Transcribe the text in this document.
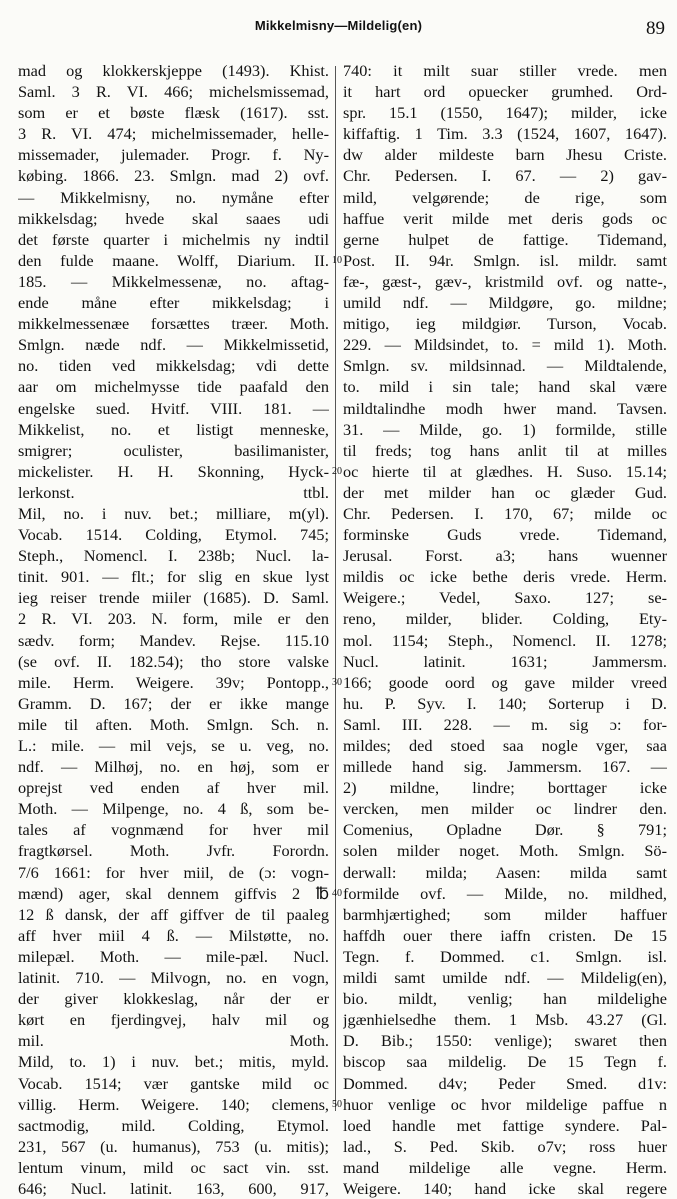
Mikkelmisny—Mildelig(en)	89
mad og klokkerskjeppe (1493). Khist.
Saml. 3 R. VI. 466; michelsmissemad,
som er et bøste flæsk (1617). sst.
3 R. VI. 474; michelmissemader, helle-
missemader, julemader. Progr. f. Ny-
købing. 1866. 23. Smlgn. mad 2) ovf.
— Mikkelmisny, no. nymåne efter
mikkelsdag; hvede skal saaes udi
det første quarter i michelmis ny indtil
den fulde maane. Wolff, Diarium. II.
185. — Mikkelmessenæ, no. aftag-
ende måne efter mikkelsdag; i
mikkelmessenæe forsættes træer. Moth.
Smlgn. næde ndf. — Mikkelmissetid,
no. tiden ved mikkelsdag; vdi dette
aar om michelmysse tide paafald den
engelske sued. Hvitf. VIII. 181. —
Mikkelist, no. et listigt menneske,
smigrer; oculister, basilimanister,
mickelister. H. H. Skonning, Hyck-
lerkonst. ttbl.
Mil, no. i nuv. bet.; milliare, m(yl).
Vocab. 1514. Colding, Etymol. 745;
Steph., Nomencl. I. 238b; Nucl. la-
tinit. 901. — flt.; for slig en skue lyst
ieg reiser trende miiler (1685). D. Saml.
2 R. VI. 203. N. form, mile er den
sædv. form; Mandev. Rejse. 115.10
(se ovf. II. 182.54); tho store valske
mile. Herm. Weigere. 39v; Pontopp.,
Gramm. D. 167; der er ikke mange
mile til aften. Moth. Smlgn. Sch. n.
L.: mile. — mil vejs, se u. veg, no.
ndf. — Milhøj, no. en høj, som er
oprejst ved enden af hver mil.
Moth. — Milpenge, no. 4 ß, som be-
tales af vognmænd for hver mil
fragtkørsel. Moth. Jvfr. Forordn.
7/6 1661: for hver miil, de (ɔ: vogn-
mænd) ager, skal dennem giffvis 2 ℔
12 ß dansk, der aff giffver de til paaleg
aff hver miil 4 ß. — Milstøtte, no.
milepæl. Moth. — mile-pæl. Nucl.
latinit. 710. — Milvogn, no. en vogn,
der giver klokkeslag, når der er
kørt en fjerdingvej, halv mil og
mil. Moth.
Mild, to. 1) i nuv. bet.; mitis, myld.
Vocab. 1514; vær gantske mild oc
villig. Herm. Weigere. 140; clemens,
sactmodig, mild. Colding, Etymol.
231, 567 (u. humanus), 753 (u. mitis);
lentum vinum, mild oc sact vin. sst.
646; Nucl. latinit. 163, 600, 917,
10
20
30
40
50
740: it milt suar stiller vrede. men
it hart ord opuecker grumhed. Ord-
spr. 15.1 (1550, 1647); milder, icke
kiffaftig. 1 Tim. 3.3 (1524, 1607, 1647).
dw alder mildeste barn Jhesu Criste.
Chr. Pedersen. I. 67. — 2) gav-
mild, velgørende; de rige, som
haffue verit milde met deris gods oc
gerne hulpet de fattige. Tidemand,
Post. II. 94r. Smlgn. isl. mildr. samt
fæ-, gæst-, gæv-, kristmild ovf. og natte-,
umild ndf. — Mildgøre, go. mildne;
mitigo, ieg mildgiør. Turson, Vocab.
229. — Mildsindet, to. = mild 1). Moth.
Smlgn. sv. mildsinnad. — Mildtalende,
to. mild i sin tale; hand skal være
mildtalindhe modh hwer mand. Tavsen.
31. — Milde, go. 1) formilde, stille
til freds; tog hans anlit til at milles
oc hierte til at glædhes. H. Suso. 15.14;
der met milder han oc glæder Gud.
Chr. Pedersen. I. 170, 67; milde oc
forminske Guds vrede. Tidemand,
Jerusal. Forst. a3; hans wuenner
mildis oc icke bethe deris vrede. Herm.
Weigere.; Vedel, Saxo. 127; se-
reno, milder, blider. Colding, Ety-
mol. 1154; Steph., Nomencl. II. 1278;
Nucl. latinit. 1631; Jammersm.
166; goode oord og gave milder vreed
hu. P. Syv. I. 140; Sorterup i D.
Saml. III. 228. — m. sig ɔ: for-
mildes; ded stoed saa nogle vger, saa
millede hand sig. Jammersm. 167. —
2) mildne, lindre; borttager icke
vercken, men milder oc lindrer den.
Comenius, Opladne Dør. § 791;
solen milder noget. Moth. Smlgn. Sö-
derwall: milda; Aasen: milda samt
formilde ovf. — Milde, no. mildhed,
barmhjærtighed; som milder haffuer
haffdh ouer there iaffn cristen. De 15
Tegn. f. Dommed. c1. Smlgn. isl.
mildi samt umilde ndf. — Mildelig(en),
bio. mildt, venlig; han mildelighe
jgænhielsedhe them. 1 Msb. 43.27 (Gl.
D. Bib.; 1550: venlige); swaret then
biscop saa mildelig. De 15 Tegn f.
Dommed. d4v; Peder Smed. d1v:
huor venlige oc hvor mildelige paffue n
loed handle met fattige syndere. Pal-
lad., S. Ped. Skib. o7v; ross huer
mand mildelige alle vegne. Herm.
Weigere. 140; hand icke skal regere
